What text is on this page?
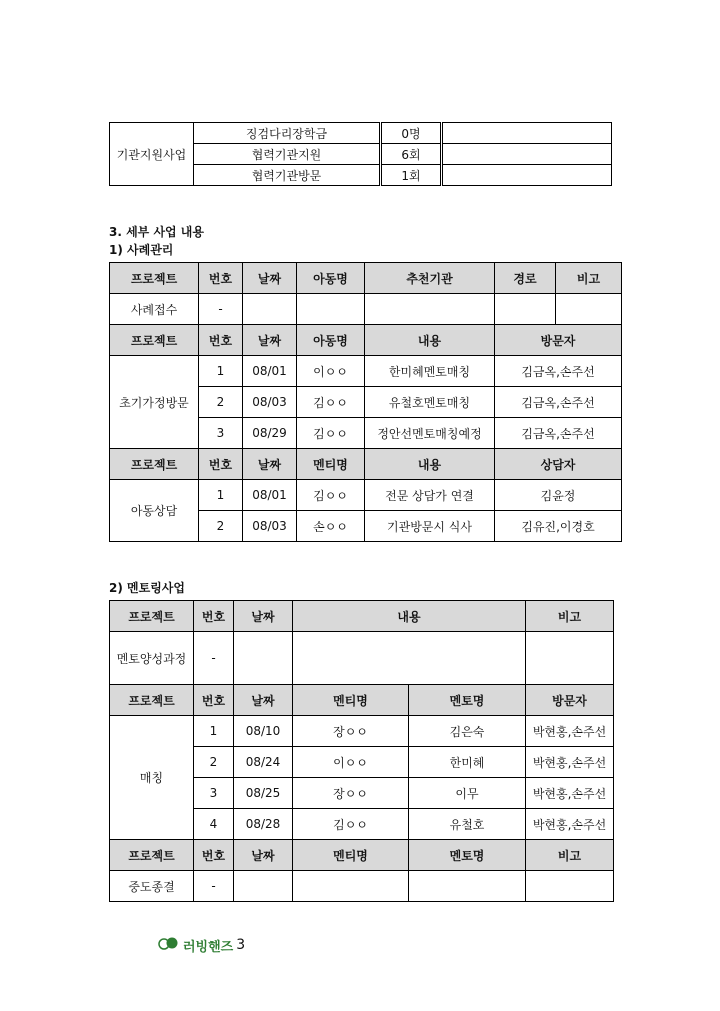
기관지원사업	징검다리장학금	0명	
	협력기관지원	6회	
	협력기관방문	1회	
3. 세부 사업 내용
1) 사례관리
프로젝트	번호	날짜	아동명	추천기관	경로	비고
사례접수	-					
프로젝트	번호	날짜	아동명	내용	방문자	
초기가정방문	1	08/01	이ㅇㅇ	한미혜멘토매칭	김금옥,손주선	
	2	08/03	김ㅇㅇ	유철호멘토매칭	김금옥,손주선	
	3	08/29	김ㅇㅇ	정안선멘토매칭예정	김금옥,손주선	
프로젝트	번호	날짜	멘티명	내용	상담자	
아동상담	1	08/01	김ㅇㅇ	전문 상담가 연결	김윤정	
	2	08/03	손ㅇㅇ	기관방문시 식사	김유진,이경호	
2) 멘토링사업
프로젝트	번호	날짜	내용		비고
멘토양성과정	-				
프로젝트	번호	날짜	멘티명	멘토명	방문자
매칭	1	08/10	장ㅇㅇ	김은숙	박현홍,손주선
	2	08/24	이ㅇㅇ	한미혜	박현홍,손주선
	3	08/25	장ㅇㅇ	이무	박현홍,손주선
	4	08/28	김ㅇㅇ	유철호	박현홍,손주선
프로젝트	번호	날짜	멘티명	멘토명	비고
중도종결	-				
러빙핸즈 3
